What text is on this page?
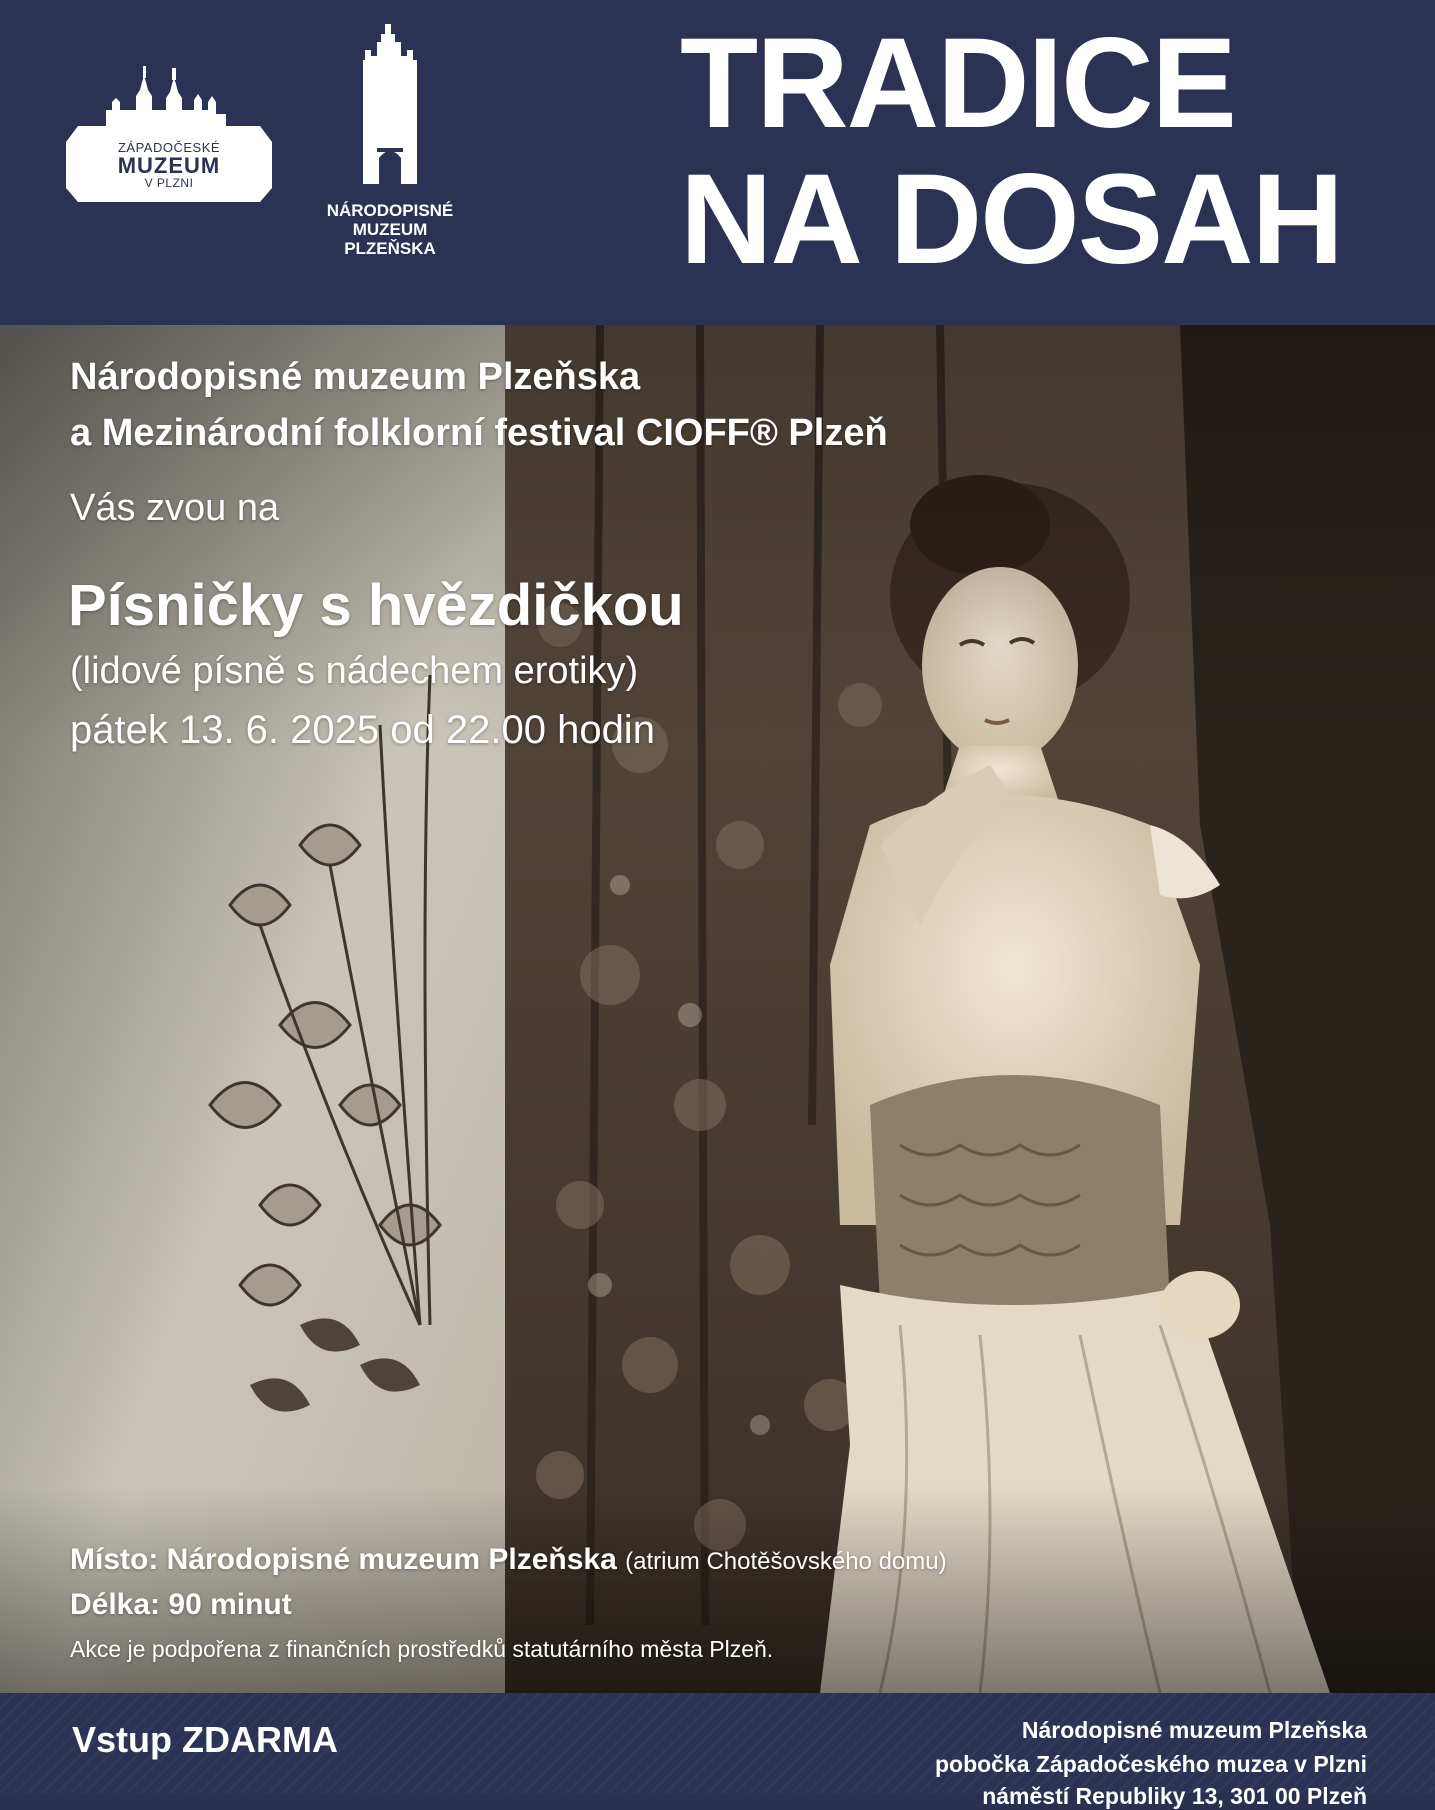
ZÁPADOČESKÉ
MUZEUM
V PLZNI
NÁRODOPISNÉ
MUZEUM
PLZEŇSKA
TRADICE
NA DOSAH
Národopisné muzeum Plzeňska
a Mezinárodní folklorní festival CIOFF® Plzeň
Vás zvou na
Písničky s hvězdičkou
(lidové písně s nádechem erotiky)
pátek 13. 6. 2025 od 22.00 hodin
Místo: Národopisné muzeum Plzeňska (atrium Chotěšovského domu)
Délka: 90 minut
Akce je podpořena z finančních prostředků statutárního města Plzeň.
Vstup ZDARMA	Národopisné muzeum Plzeňska
pobočka Západočeského muzea v Plzni
náměstí Republiky 13, 301 00 Plzeň
